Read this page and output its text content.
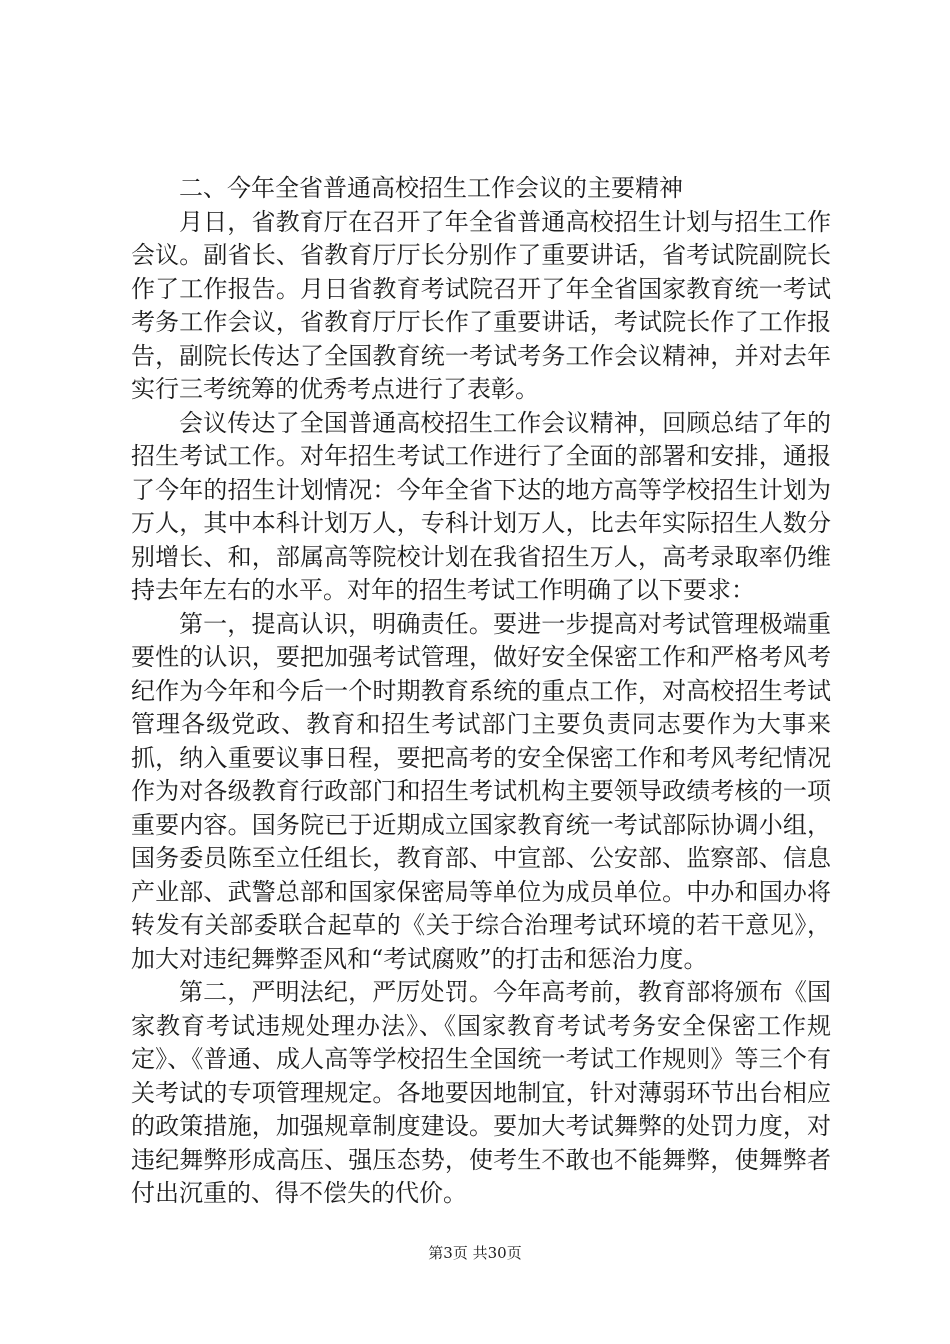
二、今年全省普通高校招生工作会议的主要精神

月日，省教育厅在召开了年全省普通高校招生计划与招生工作会议。副省长、省教育厅厅长分别作了重要讲话，省考试院副院长作了工作报告。月日省教育考试院召开了年全省国家教育统一考试考务工作会议，省教育厅厅长作了重要讲话，考试院长作了工作报告，副院长传达了全国教育统一考试考务工作会议精神，并对去年实行三考统筹的优秀考点进行了表彰。

会议传达了全国普通高校招生工作会议精神，回顾总结了年的招生考试工作。对年招生考试工作进行了全面的部署和安排，通报了今年的招生计划情况：今年全省下达的地方高等学校招生计划为万人，其中本科计划万人，专科计划万人，比去年实际招生人数分别增长、和，部属高等院校计划在我省招生万人，高考录取率仍维持去年左右的水平。对年的招生考试工作明确了以下要求：

第一，提高认识，明确责任。要进一步提高对考试管理极端重要性的认识，要把加强考试管理，做好安全保密工作和严格考风考纪作为今年和今后一个时期教育系统的重点工作，对高校招生考试管理各级党政、教育和招生考试部门主要负责同志要作为大事来抓，纳入重要议事日程，要把高考的安全保密工作和考风考纪情况作为对各级教育行政部门和招生考试机构主要领导政绩考核的一项重要内容。国务院已于近期成立国家教育统一考试部际协调小组，国务委员陈至立任组长，教育部、中宣部、公安部、监察部、信息产业部、武警总部和国家保密局等单位为成员单位。中办和国办将转发有关部委联合起草的《关于综合治理考试环境的若干意见》，加大对违纪舞弊歪风和“考试腐败”的打击和惩治力度。

第二，严明法纪，严厉处罚。今年高考前，教育部将颁布《国家教育考试违规处理办法》、《国家教育考试考务安全保密工作规定》、《普通、成人高等学校招生全国统一考试工作规则》等三个有关考试的专项管理规定。各地要因地制宜，针对薄弱环节出台相应的政策措施，加强规章制度建设。要加大考试舞弊的处罚力度，对违纪舞弊形成高压、强压态势，使考生不敢也不能舞弊，使舞弊者付出沉重的、得不偿失的代价。

第3页 共30页
